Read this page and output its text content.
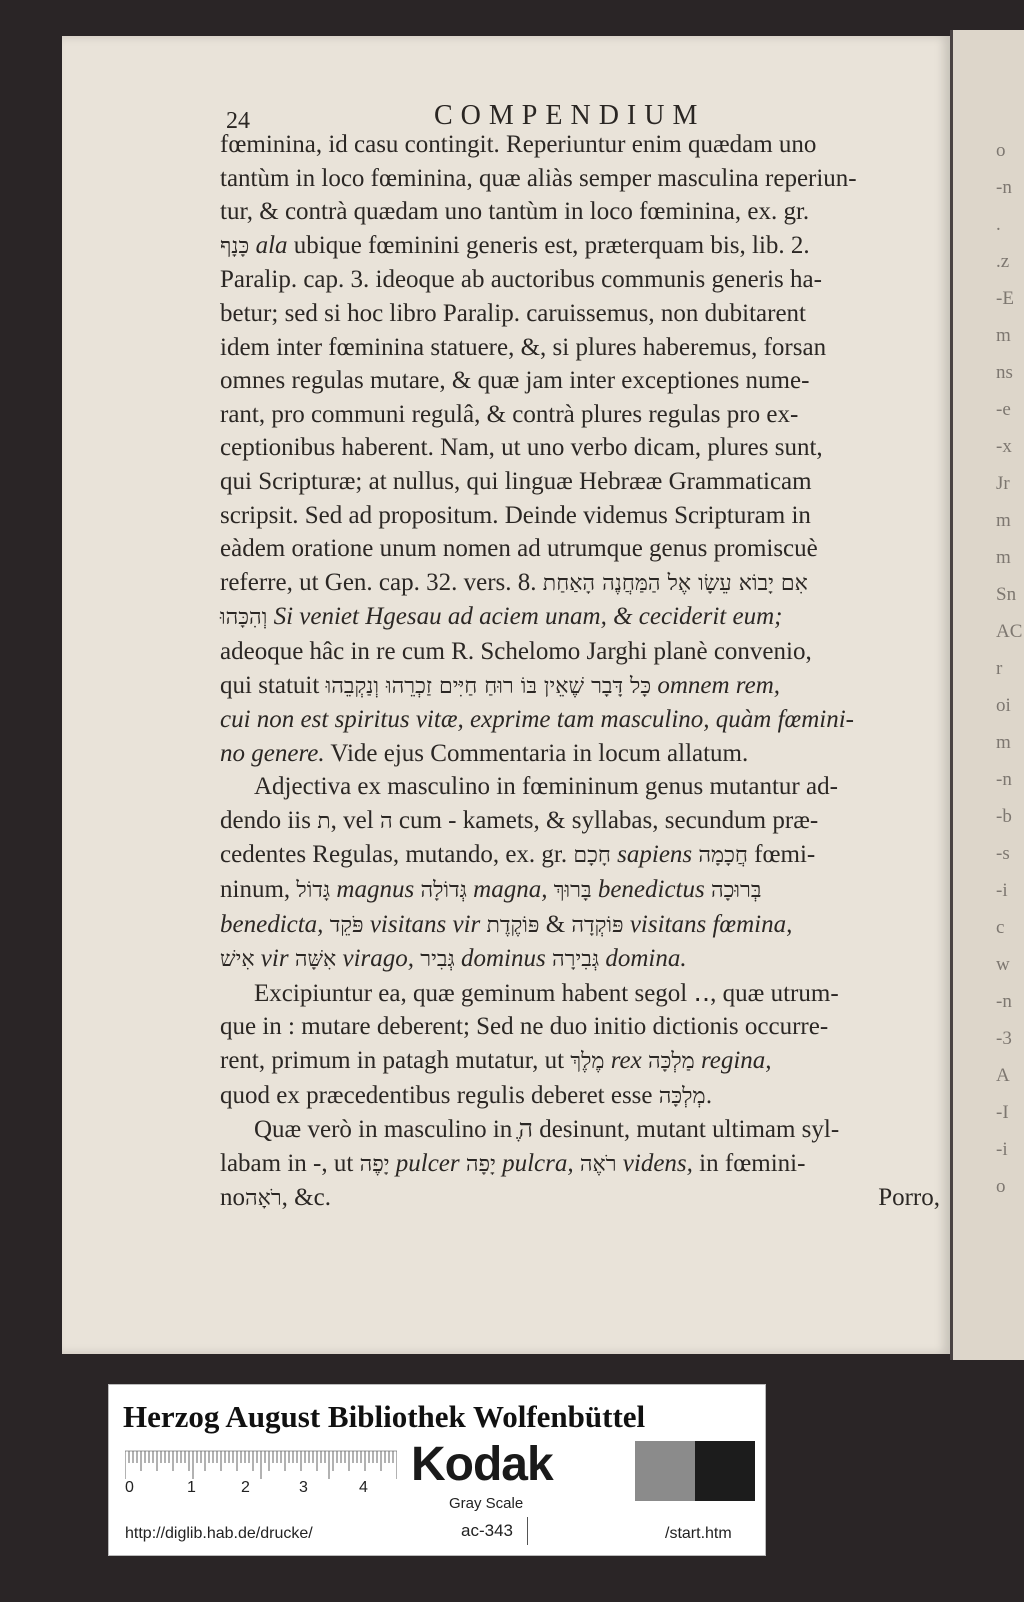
24	COMPENDIUM
o
-n
.
.z
-E
m
ns
-e
-x
Jr
m
m
Sn
AC
r
oi
m
-n
-b
-s
-i
c
w
-n
-3
A
-I
-i
o

fœminina, id casu contingit. Reperiuntur enim quædam uno
tantùm in loco fœminina, quæ aliàs semper masculina reperiun-
tur, & contrà quædam uno tantùm in loco fœminina, ex. gr.
כָּנָף ala ubique fœminini generis est, præterquam bis, lib. 2.
Paralip. cap. 3. ideoque ab auctoribus communis generis ha-
betur; sed si hoc libro Paralip. caruissemus, non dubitarent
idem inter fœminina statuere, &, si plures haberemus, forsan
omnes regulas mutare, & quæ jam inter exceptiones nume-
rant, pro communi regulâ, & contrà plures regulas pro ex-
ceptionibus haberent. Nam, ut uno verbo dicam, plures sunt,
qui Scripturæ; at nullus, qui linguæ Hebrææ Grammaticam
scripsit. Sed ad propositum. Deinde videmus Scripturam in
eàdem oratione unum nomen ad utrumque genus promiscuè
referre, ut Gen. cap. 32. vers. 8. אִם יָבוֹא עֵשָׂו אֶל הַמַּחֲנֶה הָאַחַת
וְהִכָּהוּ Si veniet Hgesau ad aciem unam, & ceciderit eum;
adeoque hâc in re cum R. Schelomo Jarghi planè convenio,
qui statuit כָּל דָּבָר שֶׁאֵין בּוֹ רוּחַ חַיִּים זַכְרֵהוּ וְנַקְבֵהוּ omnem rem,
cui non est spiritus vitæ, exprime tam masculino, quàm fœmini-
no genere. Vide ejus Commentaria in locum allatum.

Adjectiva ex masculino in fœmininum genus mutantur ad-
dendo iis ת, vel ה cum ‐ kamets, & syllabas, secundum præ-
cedentes Regulas, mutando, ex. gr. חָכָם sapiens חֲכָמָה fœmi-
ninum, גָּדוֹל magnus גְּדוֹלָה magna, בָּרוּךְ benedictus בְּרוּכָה
benedicta, פֹּקֵד visitans vir	פּוֹקְדָה & פּוֹקֶדֶת	visitans fœmina,
אִישׁ vir אִשָּׁה virago, גְּבִיר dominus גְּבִירָה domina.

Excipiuntur ea, quæ geminum habent segol ‥, quæ utrum-
que in : mutare deberent; Sed ne duo initio dictionis occurre-
rent, primum in patagh mutatur, ut מֶלֶךְ rex מַלְכָּה regina,
quod ex præcedentibus regulis deberet esse מְלְכָּה.

Quæ verò in masculino in ֶה desinunt, mutant ultimam syl-
labam in ‐, ut יָפֶה pulcer יָפָה pulcra, רֹאֶה videns, in fœmini-
noרֹאָה, &c.	Porro,

Herzog August Bibliothek Wolfenbüttel
0	1	2	3	4 Kodak
Gray Scale
http://diglib.hab.de/drucke/	ac-343	/start.htm
